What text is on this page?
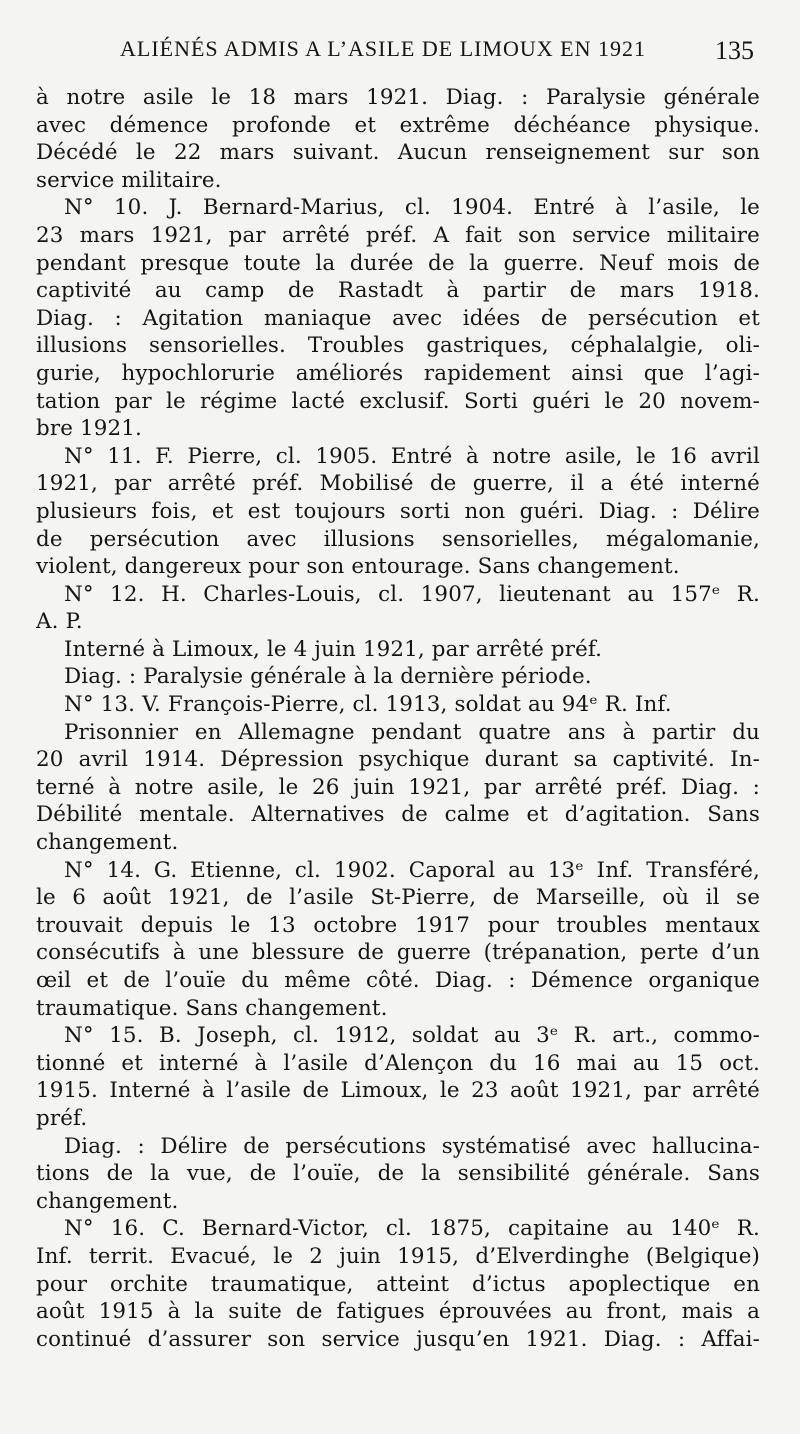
ALIÉNÉS ADMIS A L’ASILE DE LIMOUX EN 1921	135
à notre asile le 18 mars 1921. Diag. : Paralysie générale
avec démence profonde et extrême déchéance physique.
Décédé le 22 mars suivant. Aucun renseignement sur son
service militaire.
N° 10. J. Bernard-Marius, cl. 1904. Entré à l’asile, le
23 mars 1921, par arrêté préf. A fait son service militaire
pendant presque toute la durée de la guerre. Neuf mois de
captivité au camp de Rastadt à partir de mars 1918.
Diag. : Agitation maniaque avec idées de persécution et
illusions sensorielles. Troubles gastriques, céphalalgie, oli-
gurie, hypochlorurie améliorés rapidement ainsi que l’agi-
tation par le régime lacté exclusif. Sorti guéri le 20 novem-
bre 1921.
N° 11. F. Pierre, cl. 1905. Entré à notre asile, le 16 avril
1921, par arrêté préf. Mobilisé de guerre, il a été interné
plusieurs fois, et est toujours sorti non guéri. Diag. : Délire
de persécution avec illusions sensorielles, mégalomanie,
violent, dangereux pour son entourage. Sans changement.
N° 12. H. Charles-Louis, cl. 1907, lieutenant au 157ᵉ R.
A. P.
Interné à Limoux, le 4 juin 1921, par arrêté préf.
Diag. : Paralysie générale à la dernière période.
N° 13. V. François-Pierre, cl. 1913, soldat au 94ᵉ R. Inf.
Prisonnier en Allemagne pendant quatre ans à partir du
20 avril 1914. Dépression psychique durant sa captivité. In-
terné à notre asile, le 26 juin 1921, par arrêté préf. Diag. :
Débilité mentale. Alternatives de calme et d’agitation. Sans
changement.
N° 14. G. Etienne, cl. 1902. Caporal au 13ᵉ Inf. Transféré,
le 6 août 1921, de l’asile St-Pierre, de Marseille, où il se
trouvait depuis le 13 octobre 1917 pour troubles mentaux
consécutifs à une blessure de guerre (trépanation, perte d’un
œil et de l’ouïe du même côté. Diag. : Démence organique
traumatique. Sans changement.
N° 15. B. Joseph, cl. 1912, soldat au 3ᵉ R. art., commo-
tionné et interné à l’asile d’Alençon du 16 mai au 15 oct.
1915. Interné à l’asile de Limoux, le 23 août 1921, par arrêté
préf.
Diag. : Délire de persécutions systématisé avec hallucina-
tions de la vue, de l’ouïe, de la sensibilité générale. Sans
changement.
N° 16. C. Bernard-Victor, cl. 1875, capitaine au 140ᵉ R.
Inf. territ. Evacué, le 2 juin 1915, d’Elverdinghe (Belgique)
pour orchite traumatique, atteint d’ictus apoplectique en
août 1915 à la suite de fatigues éprouvées au front, mais a
continué d’assurer son service jusqu’en 1921. Diag. : Affai-
